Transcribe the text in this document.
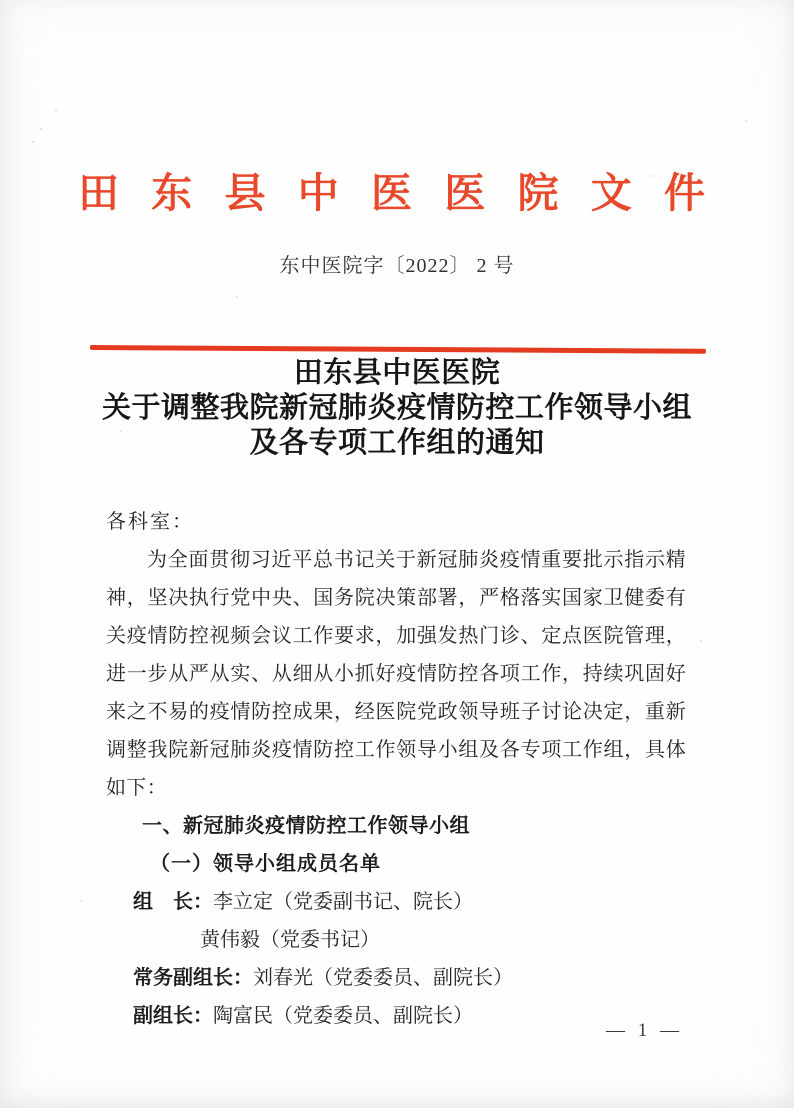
田 东 县 中 医 医 院 文 件
东中医院字〔2022〕 2 号
田东县中医医院
关于调整我院新冠肺炎疫情防控工作领导小组
及各专项工作组的通知
各科室：

为全面贯彻习近平总书记关于新冠肺炎疫情重要批示指示精神，坚决执行党中央、国务院决策部署，严格落实国家卫健委有关疫情防控视频会议工作要求，加强发热门诊、定点医院管理，进一步从严从实、从细从小抓好疫情防控各项工作，持续巩固好来之不易的疫情防控成果，经医院党政领导班子讨论决定，重新调整我院新冠肺炎疫情防控工作领导小组及各专项工作组，具体如下：

一、新冠肺炎疫情防控工作领导小组
（一）领导小组成员名单
组　长：李立定（党委副书记、院长）
黄伟毅（党委书记）
常务副组长：刘春光（党委委员、副院长）
副组长：陶富民（党委委员、副院长）
— 1 —
